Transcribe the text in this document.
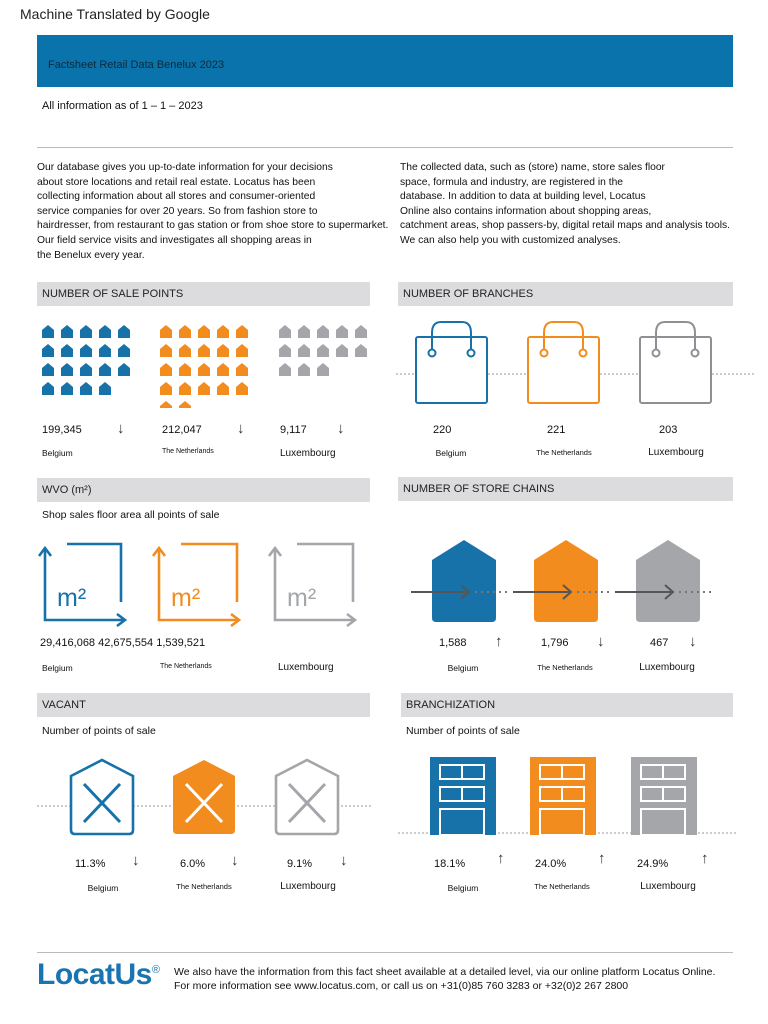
Machine Translated by Google
Factsheet Retail Data Benelux 2023
All information as of 1 – 1 – 2023
Our database gives you up-to-date information for your decisions
about store locations and retail real estate. Locatus has been
collecting information about all stores and consumer-oriented
service companies for over 20 years. So from fashion store to
hairdresser, from restaurant to gas station or from shoe store to supermarket.
Our field service visits and investigates all shopping areas in
the Benelux every year.
The collected data, such as (store) name, store sales floor
space, formula and industry, are registered in the
database. In addition to data at building level, Locatus
Online also contains information about shopping areas,
catchment areas, shop passers-by, digital retail maps and analysis tools.
We can also help you with customized analyses.
NUMBER OF SALE POINTS
199,345 ↓	212,047 ↓	9,117 ↓
Belgium	The Netherlands	Luxembourg
NUMBER OF BRANCHES
220	221	203
Belgium	The Netherlands	Luxembourg
WVO (m²)
Shop sales floor area all points of sale
m²	m²	m²
29,416,068 42,675,554 1,539,521
Belgium	The Netherlands	Luxembourg
NUMBER OF STORE CHAINS
1,588 ↑	1,796 ↓	467 ↓
Belgium	The Netherlands	Luxembourg
VACANT
Number of points of sale
11.3% ↓	6.0% ↓	9.1% ↓
Belgium	The Netherlands	Luxembourg
BRANCHIZATION
Number of points of sale
18.1% ↑	24.0% ↑	24.9% ↑
Belgium	The Netherlands	Luxembourg
LocatUs® We also have the information from this fact sheet available at a detailed level, via our online platform Locatus Online. For more information see www.locatus.com, or call us on +31(0)85 760 3283 or +32(0)2 267 2800
